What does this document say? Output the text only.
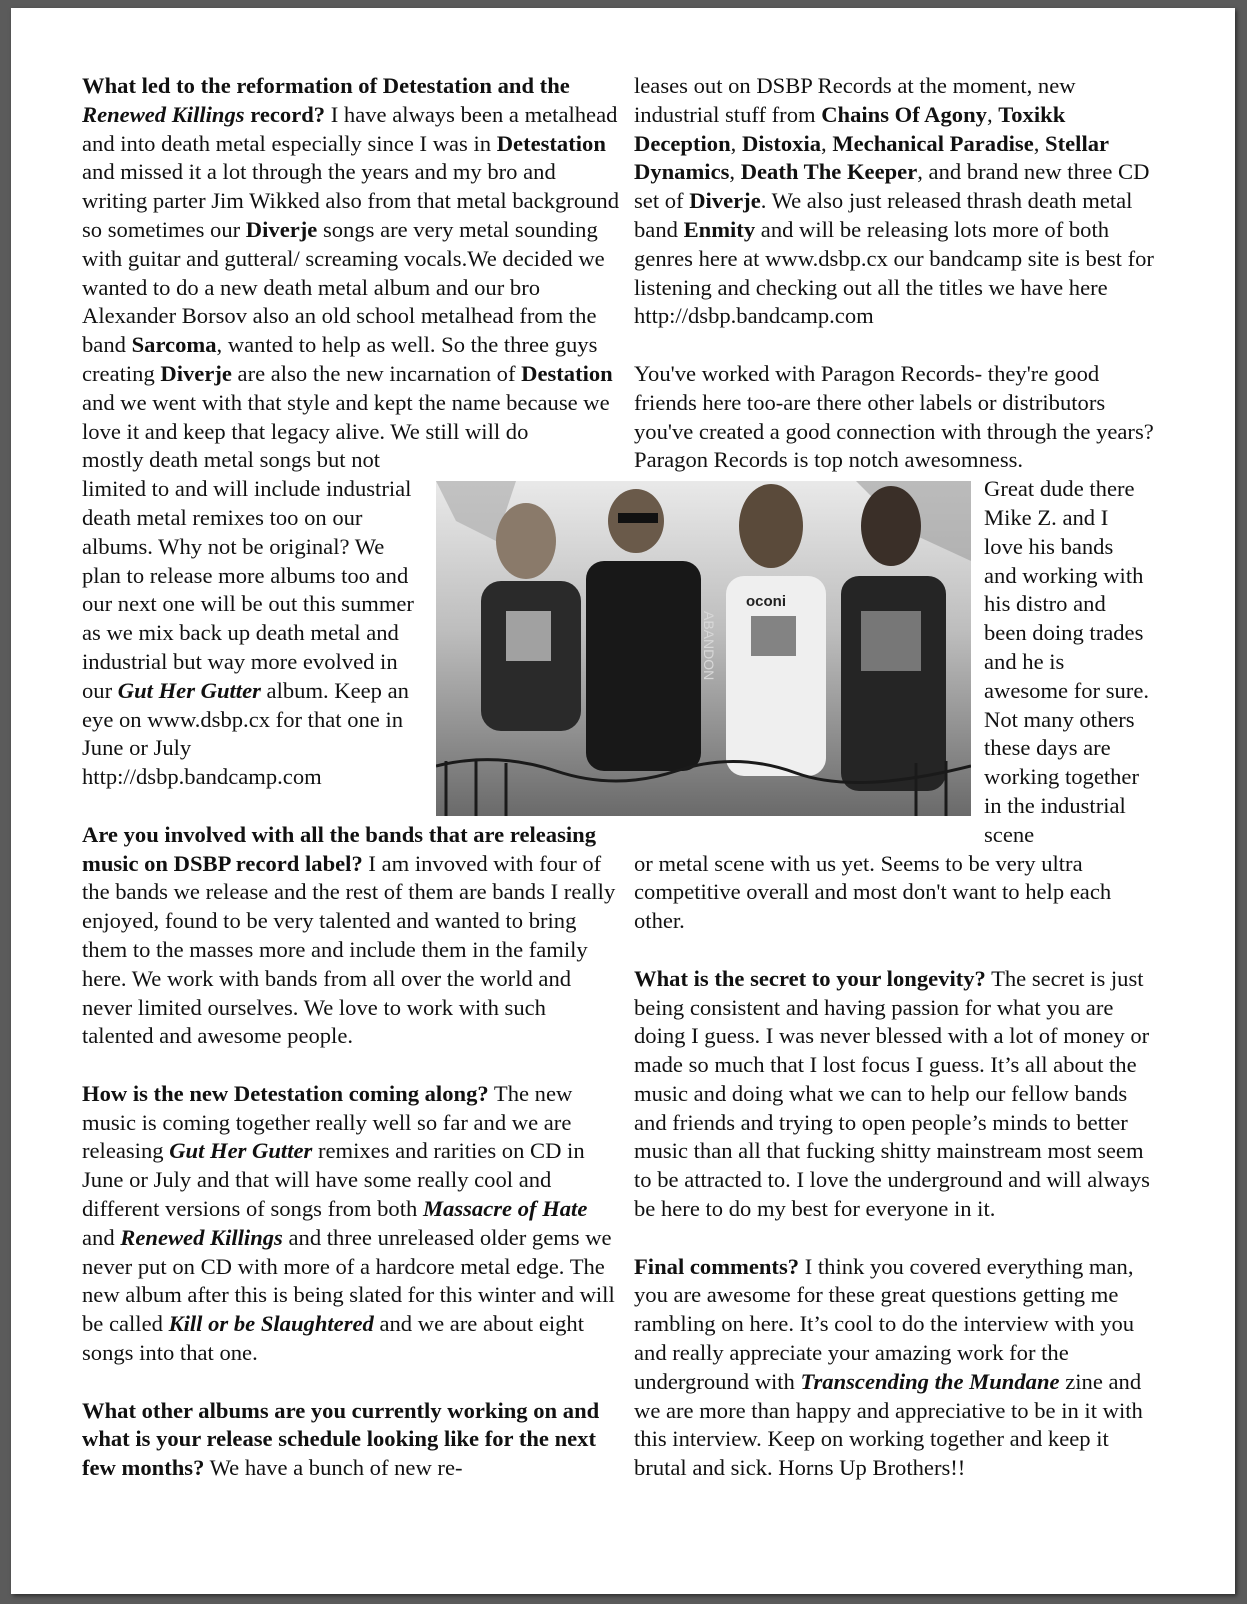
What led to the reformation of Detestation and the Renewed Killings record? I have always been a metalhead and into death metal especially since I was in Detestation and missed it a lot through the years and my bro and writing parter Jim Wikked also from that metal background so sometimes our Diverje songs are very metal sounding with guitar and gutteral/ screaming vocals.We decided we wanted to do a new death metal album and our bro Alexander Borsov also an old school metalhead from the band Sarcoma, wanted to help as well. So the three guys creating Diverje are also the new incarnation of Destation and we went with that style and kept the name because we love it and keep that legacy alive. We still will do

mostly death metal songs but not limited to and will include industrial death metal remixes too on our albums. Why not be original? We plan to release more albums too and our next one will be out this summer as we mix back up death metal and industrial but way more evolved in our Gut Her Gutter album. Keep an eye on www.dsbp.cx for that one in June or July http://dsbp.bandcamp.com

Are you involved with all the bands that are releasing music on DSBP record label? I am invoved with four of the bands we release and the rest of them are bands I really enjoyed, found to be very talented and wanted to bring them to the masses more and include them in the family here. We work with bands from all over the world and never limited ourselves. We love to work with such talented and awesome people.

How is the new Detestation coming along? The new music is coming together really well so far and we are releasing Gut Her Gutter remixes and rarities on CD in June or July and that will have some really cool and different versions of songs from both Massacre of Hate and Renewed Killings and three unreleased older gems we never put on CD with more of a hardcore metal edge. The new album after this is being slated for this winter and will be called Kill or be Slaughtered and we are about eight songs into that one.

What other albums are you currently working on and what is your release schedule looking like for the next few months? We have a bunch of new re-

leases out on DSBP Records at the moment, new industrial stuff from Chains Of Agony, Toxikk Deception, Distoxia, Mechanical Paradise, Stellar Dynamics, Death The Keeper, and brand new three CD set of Diverje. We also just released thrash death metal band Enmity and will be releasing lots more of both genres here at www.dsbp.cx our bandcamp site is best for listening and checking out all the titles we have here http://dsbp.bandcamp.com

You've worked with Paragon Records- they're good friends here too-are there other labels or distributors you've created a good connection with through the years? Paragon Records is top notch awesomness.

Great dude there Mike Z. and I love his bands and working with his distro and been doing trades and he is awesome for sure. Not many others these days are working together in the industrial scene

or metal scene with us yet. Seems to be very ultra competitive overall and most don't want to help each other.

What is the secret to your longevity? The secret is just being consistent and having passion for what you are doing I guess. I was never blessed with a lot of money or made so much that I lost focus I guess. It’s all about the music and doing what we can to help our fellow bands and friends and trying to open people’s minds to better music than all that fucking shitty mainstream most seem to be attracted to. I love the underground and will always be here to do my best for everyone in it.

Final comments? I think you covered everything man, you are awesome for these great questions getting me rambling on here. It’s cool to do the interview with you and really appreciate your amazing work for the underground with Transcending the Mundane zine and we are more than happy and appreciative to be in it with this interview. Keep on working together and keep it brutal and sick. Horns Up Brothers!!

ABANDON
oconi
